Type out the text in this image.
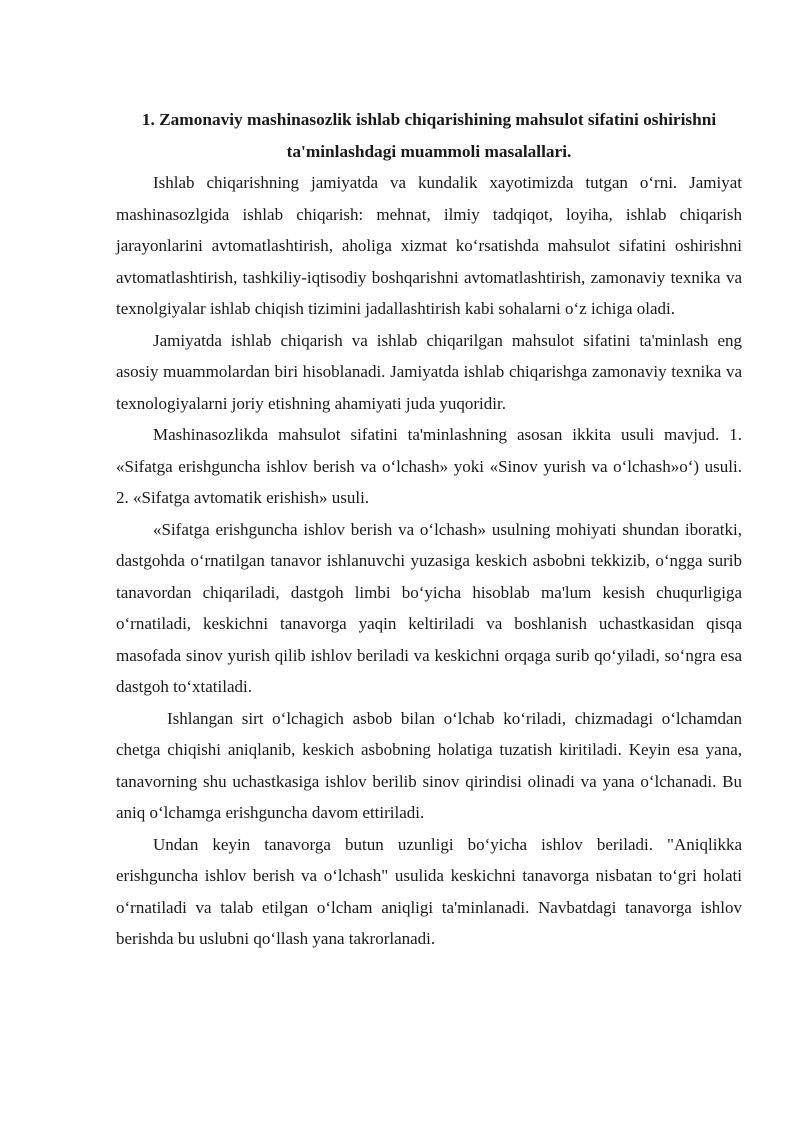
1. Zamonaviy mashinasozlik ishlab chiqarishining mahsulot sifatini oshirishni ta'minlashdagi muammoli masalallari.

Ishlab chiqarishning jamiyatda va kundalik xayotimizda tutgan o‘rni. Jamiyat mashinasozlgida ishlab chiqarish: mehnat, ilmiy tadqiqot, loyiha, ishlab chiqarish jarayonlarini avtomatlashtirish, aholiga xizmat ko‘rsatishda mahsulot sifatini oshirishni avtomatlashtirish, tashkiliy-iqtisodiy boshqarishni avtomatlashtirish, zamonaviy texnika va texnolgiyalar ishlab chiqish tizimini jadallashtirish kabi sohalarni o‘z ichiga oladi.

Jamiyatda ishlab chiqarish va ishlab chiqarilgan mahsulot sifatini ta'minlash eng asosiy muammolardan biri hisoblanadi. Jamiyatda ishlab chiqarishga zamonaviy texnika va texnologiyalarni joriy etishning ahamiyati juda yuqoridir.

Mashinasozlikda mahsulot sifatini ta'minlashning asosan ikkita usuli mavjud. 1. «Sifatga erishguncha ishlov berish va o‘lchash» yoki «Sinov yurish va o‘lchash»o‘) usuli. 2. «Sifatga avtomatik erishish» usuli.

«Sifatga erishguncha ishlov berish va o‘lchash» usulning mohiyati shundan iboratki, dastgohda o‘rnatilgan tanavor ishlanuvchi yuzasiga keskich asbobni tekkizib, o‘ngga surib tanavordan chiqariladi, dastgoh limbi bo‘yicha hisoblab ma'lum kesish chuqurligiga o‘rnatiladi, keskichni tanavorga yaqin keltiriladi va boshlanish uchastkasidan qisqa masofada sinov yurish qilib ishlov beriladi va keskichni orqaga surib qo‘yiladi, so‘ngra esa dastgoh to‘xtatiladi.

Ishlangan sirt o‘lchagich asbob bilan o‘lchab ko‘riladi, chizmadagi o‘lchamdan chetga chiqishi aniqlanib, keskich asbobning holatiga tuzatish kiritiladi. Keyin esa yana, tanavorning shu uchastkasiga ishlov berilib sinov qirindisi olinadi va yana o‘lchanadi. Bu aniq o‘lchamga erishguncha davom ettiriladi.

Undan keyin tanavorga butun uzunligi bo‘yicha ishlov beriladi. "Aniqlikka erishguncha ishlov berish va o‘lchash" usulida keskichni tanavorga nisbatan to‘gri holati o‘rnatiladi va talab etilgan o‘lcham aniqligi ta'minlanadi. Navbatdagi tanavorga ishlov berishda bu uslubni qo‘llash yana takrorlanadi.
